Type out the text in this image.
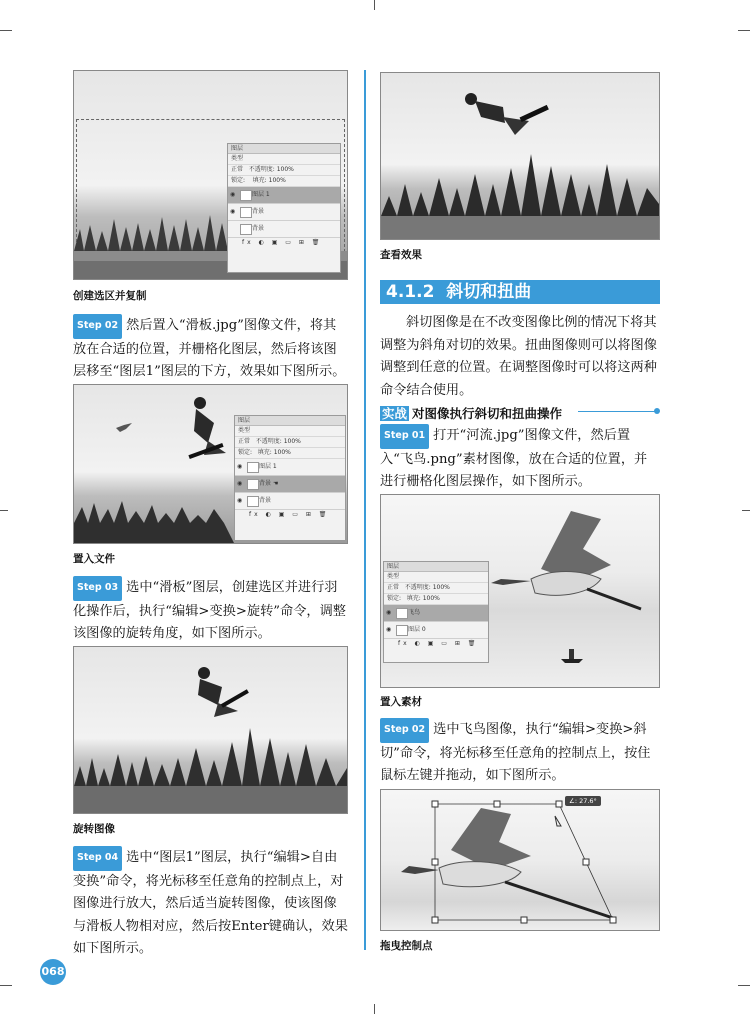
图层
类型
正常 不透明度: 100%
锁定: 填充: 100%
◉	图层 1
◉	背景
背景
fx ◐ ▣ ▭ ⊞ 🗑
创建选区并复制

Step 02 然后置入“滑板.jpg”图像文件，将其放在合适的位置，并栅格化图层，然后将该图层移至“图层1”图层的下方，效果如下图所示。

图层
类型
正常 不透明度: 100%
锁定: 填充: 100%
◉	图层 1
◉	背景 ☚
◉	背景
fx ◐ ▣ ▭ ⊞ 🗑
置入文件

Step 03 选中“滑板”图层，创建选区并进行羽化操作后，执行“编辑>变换>旋转”命令，调整该图像的旋转角度，如下图所示。

旋转图像

Step 04 选中“图层1”图层，执行“编辑>自由变换”命令，将光标移至任意角的控制点上，对图像进行放大，然后适当旋转图像，使该图像与滑板人物相对应，然后按Enter键确认，效果如下图所示。

068
查看效果
4.1.2 斜切和扭曲

斜切图像是在不改变图像比例的情况下将其调整为斜角对切的效果。扭曲图像则可以将图像调整到任意的位置。在调整图像时可以将这两种命令结合使用。

实战 对图像执行斜切和扭曲操作

Step 01 打开“河流.jpg”图像文件，然后置入“飞鸟.png”素材图像，放在合适的位置，并进行栅格化图层操作，如下图所示。

图层
类型
正常 不透明度: 100%
锁定: 填充: 100%
◉	飞鸟
◉	图层 0
fx ◐ ▣ ▭ ⊞ 🗑
置入素材

Step 02 选中飞鸟图像，执行“编辑>变换>斜切”命令，将光标移至任意角的控制点上，按住鼠标左键并拖动，如下图所示。

∠: 27.6°
拖曳控制点
